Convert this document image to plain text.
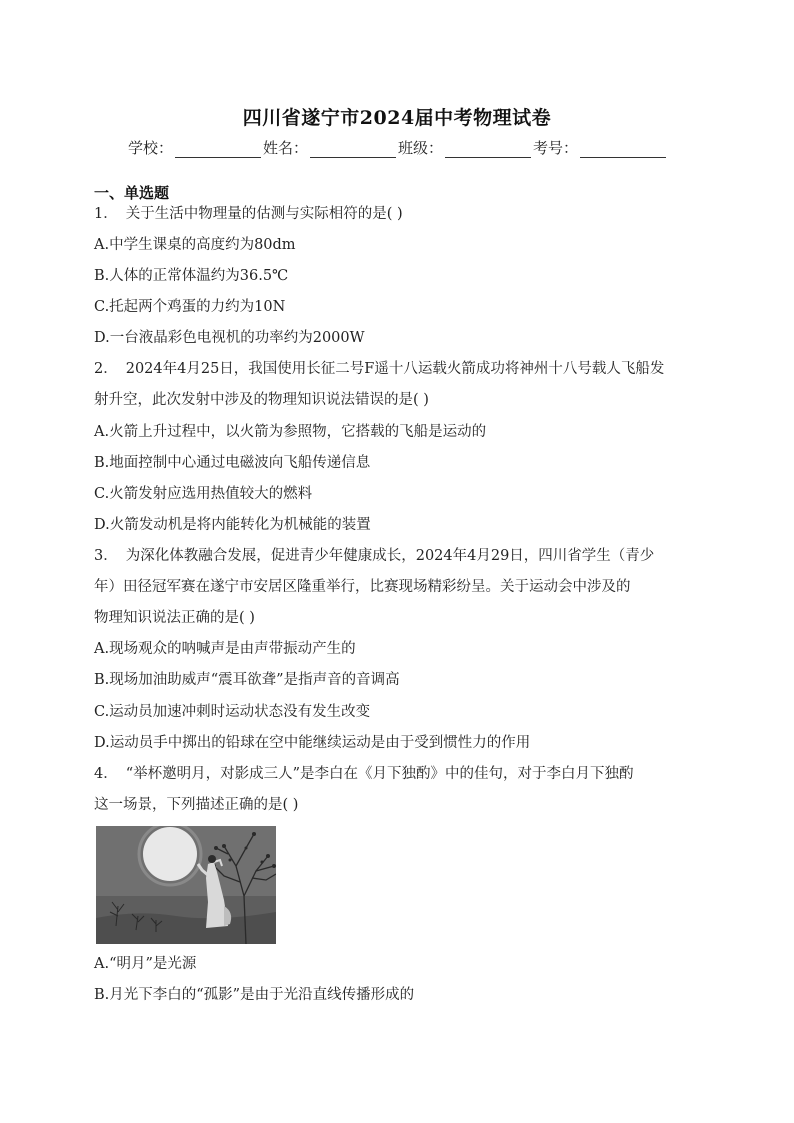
四川省遂宁市2024届中考物理试卷
学校：	姓名：	班级：	考号：
一、单选题
1． 关于生活中物理量的估测与实际相符的是( )
A.中学生课桌的高度约为80dm
B.人体的正常体温约为36.5℃
C.托起两个鸡蛋的力约为10N
D.一台液晶彩色电视机的功率约为2000W
2． 2024年4月25日，我国使用长征二号F遥十八运载火箭成功将神州十八号载人飞船发
射升空，此次发射中涉及的物理知识说法错误的是( )
A.火箭上升过程中，以火箭为参照物，它搭载的飞船是运动的
B.地面控制中心通过电磁波向飞船传递信息
C.火箭发射应选用热值较大的燃料
D.火箭发动机是将内能转化为机械能的装置
3． 为深化体教融合发展，促进青少年健康成长，2024年4月29日，四川省学生（青少
年）田径冠军赛在遂宁市安居区隆重举行，比赛现场精彩纷呈。关于运动会中涉及的
物理知识说法正确的是( )
A.现场观众的呐喊声是由声带振动产生的
B.现场加油助威声“震耳欲聋”是指声音的音调高
C.运动员加速冲刺时运动状态没有发生改变
D.运动员手中掷出的铅球在空中能继续运动是由于受到惯性力的作用
4． “举杯邀明月，对影成三人”是李白在《月下独酌》中的佳句，对于李白月下独酌
这一场景，下列描述正确的是( )
A.“明月”是光源
B.月光下李白的“孤影”是由于光沿直线传播形成的
